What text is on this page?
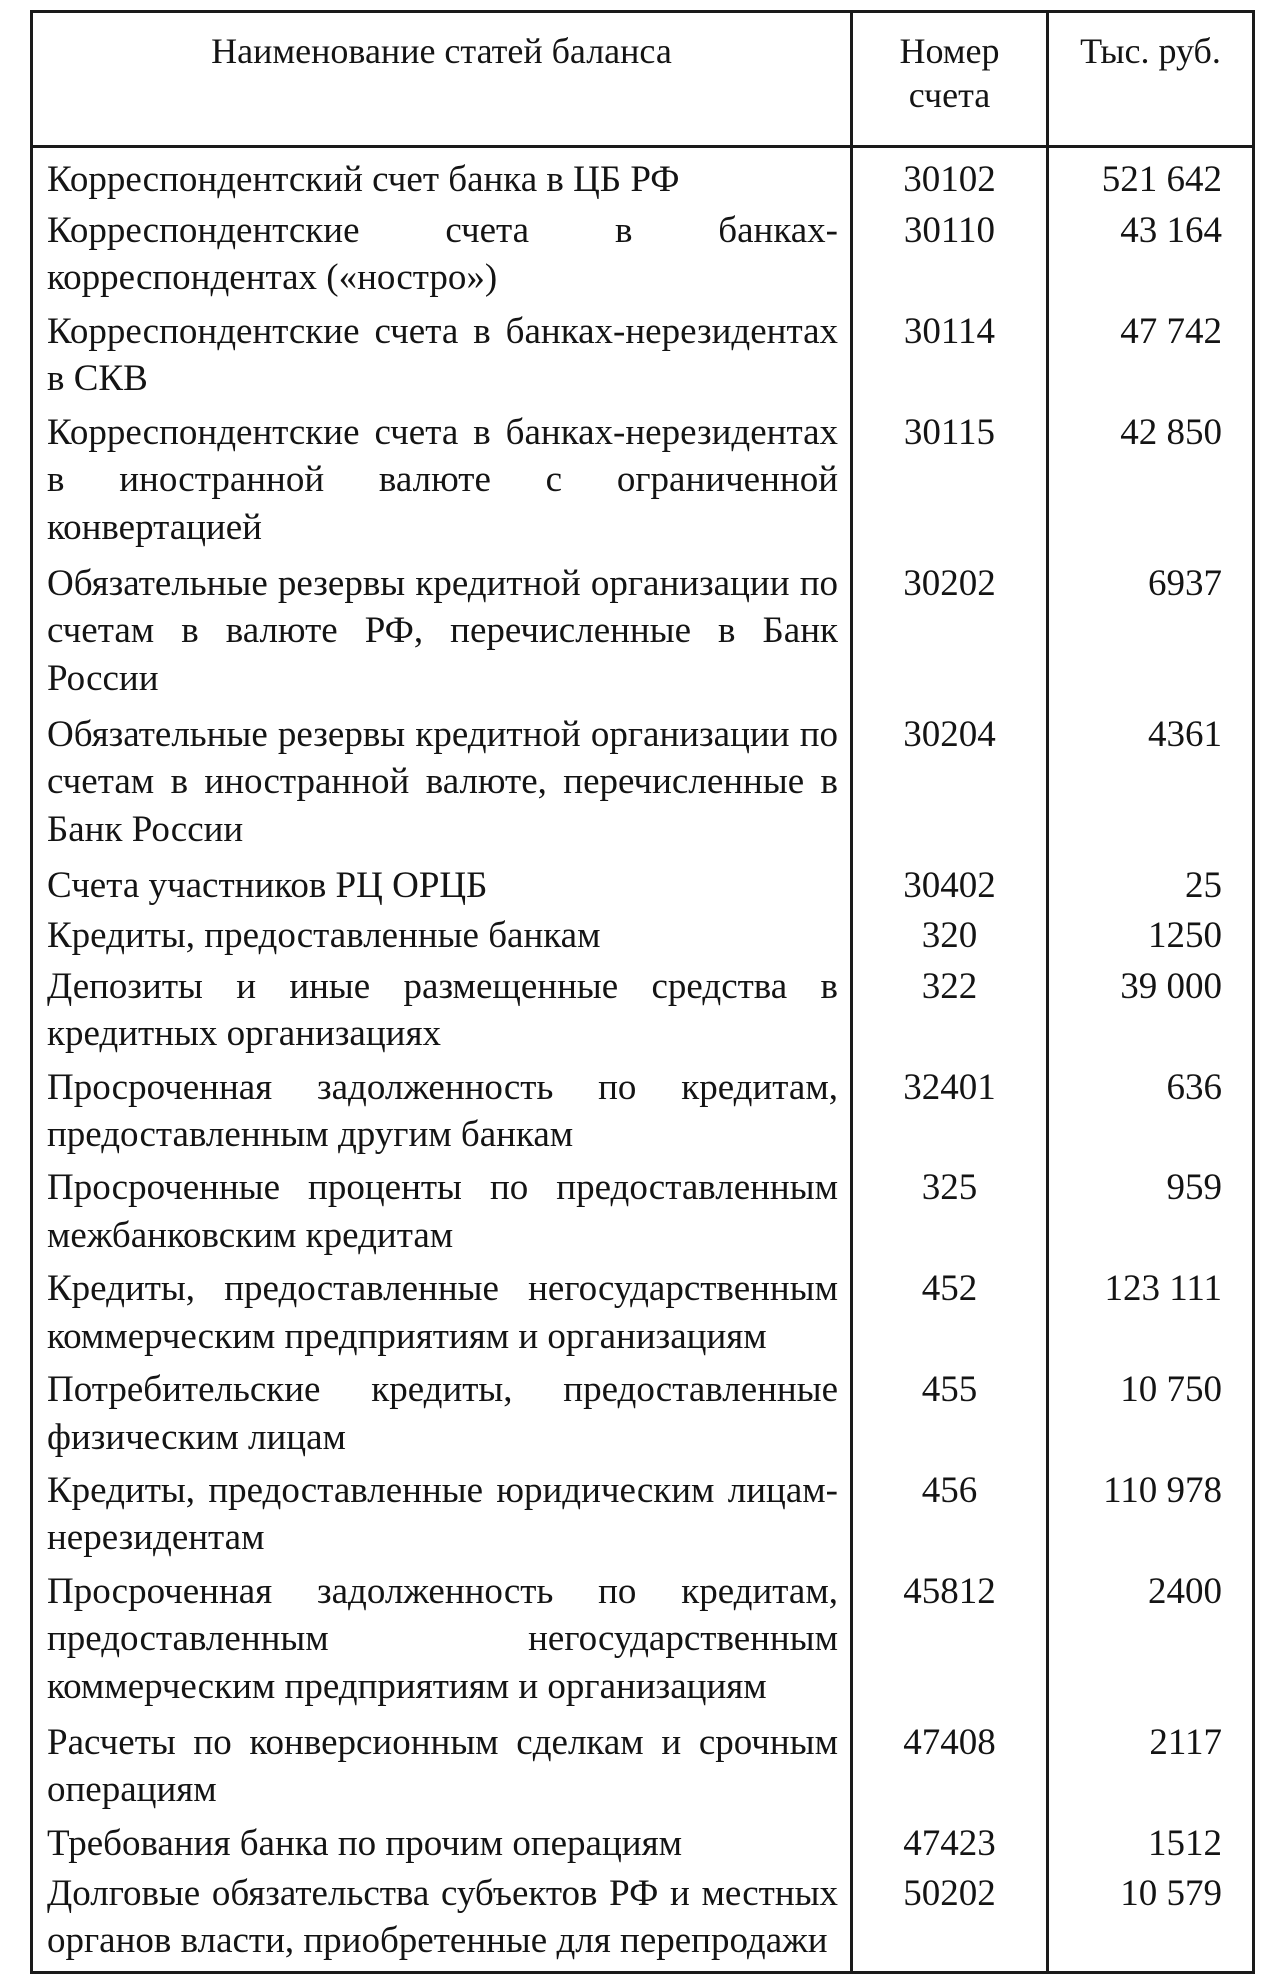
Наименование статей баланса	Номер счета	Тыс. руб.
Корреспондентский счет банка в ЦБ РФ	30102	521 642
Корреспондентские счета в банках-корреспондентах («ностро»)	30110	43 164
Корреспондентские счета в банках-нерезидентах в СКВ	30114	47 742
Корреспондентские счета в банках-нерезидентах в иностранной валюте с ограниченной конвертацией	30115	42 850
Обязательные резервы кредитной организации по счетам в валюте РФ, перечисленные в Банк России	30202	6937
Обязательные резервы кредитной организации по счетам в иностранной валюте, перечисленные в Банк России	30204	4361
Счета участников РЦ ОРЦБ	30402	25
Кредиты, предоставленные банкам	320	1250
Депозиты и иные размещенные средства в кредитных организациях	322	39 000
Просроченная задолженность по кредитам, предоставленным другим банкам	32401	636
Просроченные проценты по предоставленным межбанковским кредитам	325	959
Кредиты, предоставленные негосударственным коммерческим предприятиям и организациям	452	123 111
Потребительские кредиты, предоставленные физическим лицам	455	10 750
Кредиты, предоставленные юридическим лицам-нерезидентам	456	110 978
Просроченная задолженность по кредитам, предоставленным негосударственным коммерческим предприятиям и организациям	45812	2400
Расчеты по конверсионным сделкам и срочным операциям	47408	2117
Требования банка по прочим операциям	47423	1512
Долговые обязательства субъектов РФ и местных органов власти, приобретенные для перепродажи	50202	10 579
